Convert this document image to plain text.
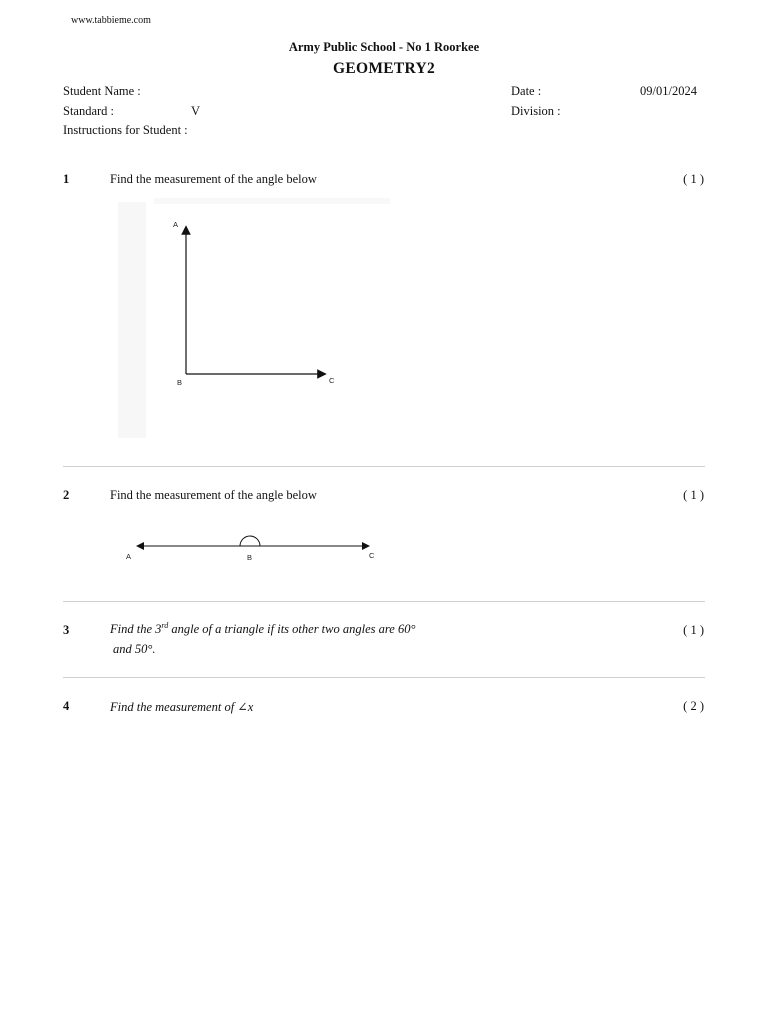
www.tabbieme.com
Army Public School - No 1 Roorkee
GEOMETRY2
Student Name :	Date :	09/01/2024
Standard :	V	Division :
Instructions for Student :
1	Find the measurement of the angle below	( 1 )
A
B	C
2	Find the measurement of the angle below	( 1 )
A	B	C
3	Find the 3rd angle of a triangle if its other two angles are 60°
and 50°.
( 1 )
4	Find the measurement of ∠x	( 2 )
